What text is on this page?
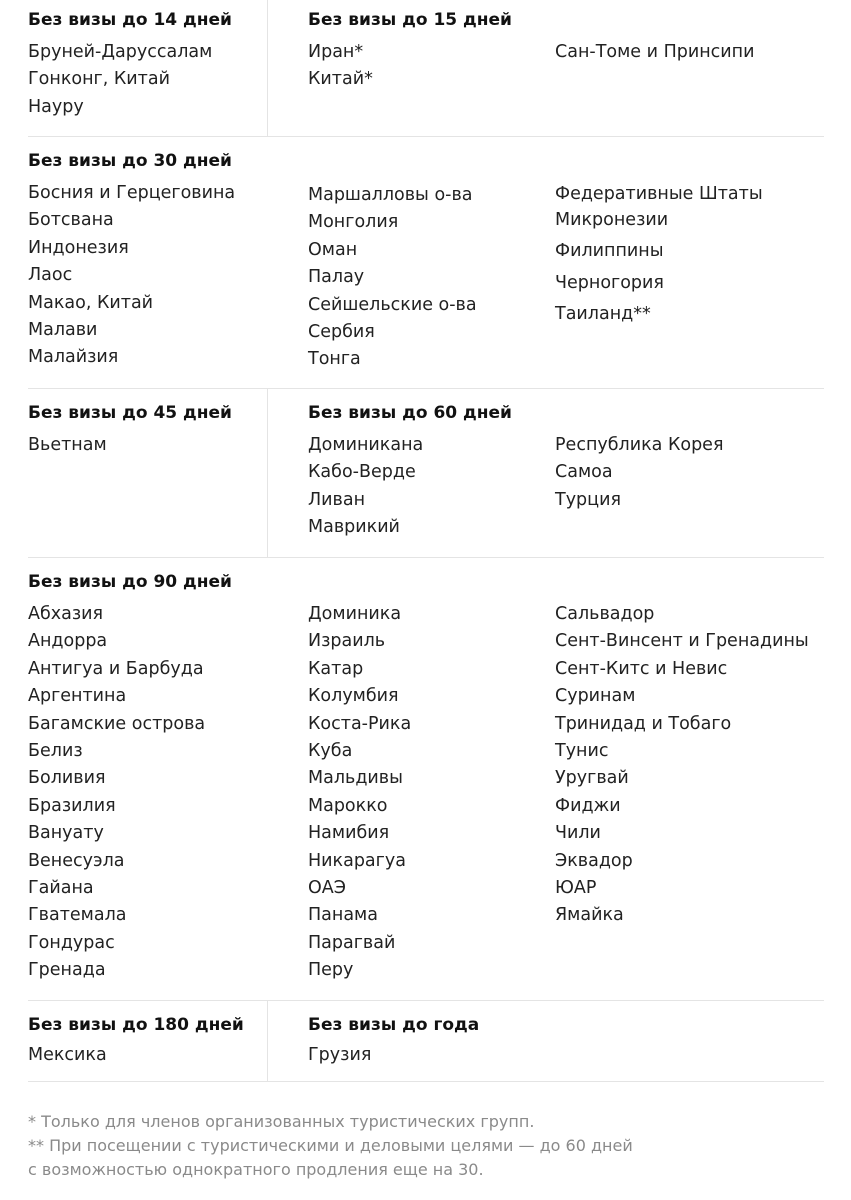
Без визы до 14 дней
Бруней-Даруссалам
Гонконг, Китай
Науру
Без визы до 15 дней
Иран*
Китай*
Сан-Томе и Принсипи
Без визы до 30 дней
Босния и Герцеговина
Ботсвана
Индонезия
Лаос
Макао, Китай
Малави
Малайзия
Маршалловы о-ва
Монголия
Оман
Палау
Сейшельские о-ва
Сербия
Тонга
Федеративные Штаты
Микронезии
Филиппины
Черногория
Таиланд**
Без визы до 45 дней
Вьетнам
Без визы до 60 дней
Доминикана
Кабо-Верде
Ливан
Маврикий
Республика Корея
Самоа
Турция
Без визы до 90 дней
Абхазия
Андорра
Антигуа и Барбуда
Аргентина
Багамские острова
Белиз
Боливия
Бразилия
Вануату
Венесуэла
Гайана
Гватемала
Гондурас
Гренада
Доминика
Израиль
Катар
Колумбия
Коста-Рика
Куба
Мальдивы
Марокко
Намибия
Никарагуа
ОАЭ
Панама
Парагвай
Перу
Сальвадор
Сент-Винсент и Гренадины
Сент-Китс и Невис
Суринам
Тринидад и Тобаго
Тунис
Уругвай
Фиджи
Чили
Эквадор
ЮАР
Ямайка
Без визы до 180 дней
Мексика
Без визы до года
Грузия
* Только для членов организованных туристических групп.
** При посещении с туристическими и деловыми целями — до 60 дней
с возможностью однократного продления еще на 30.
